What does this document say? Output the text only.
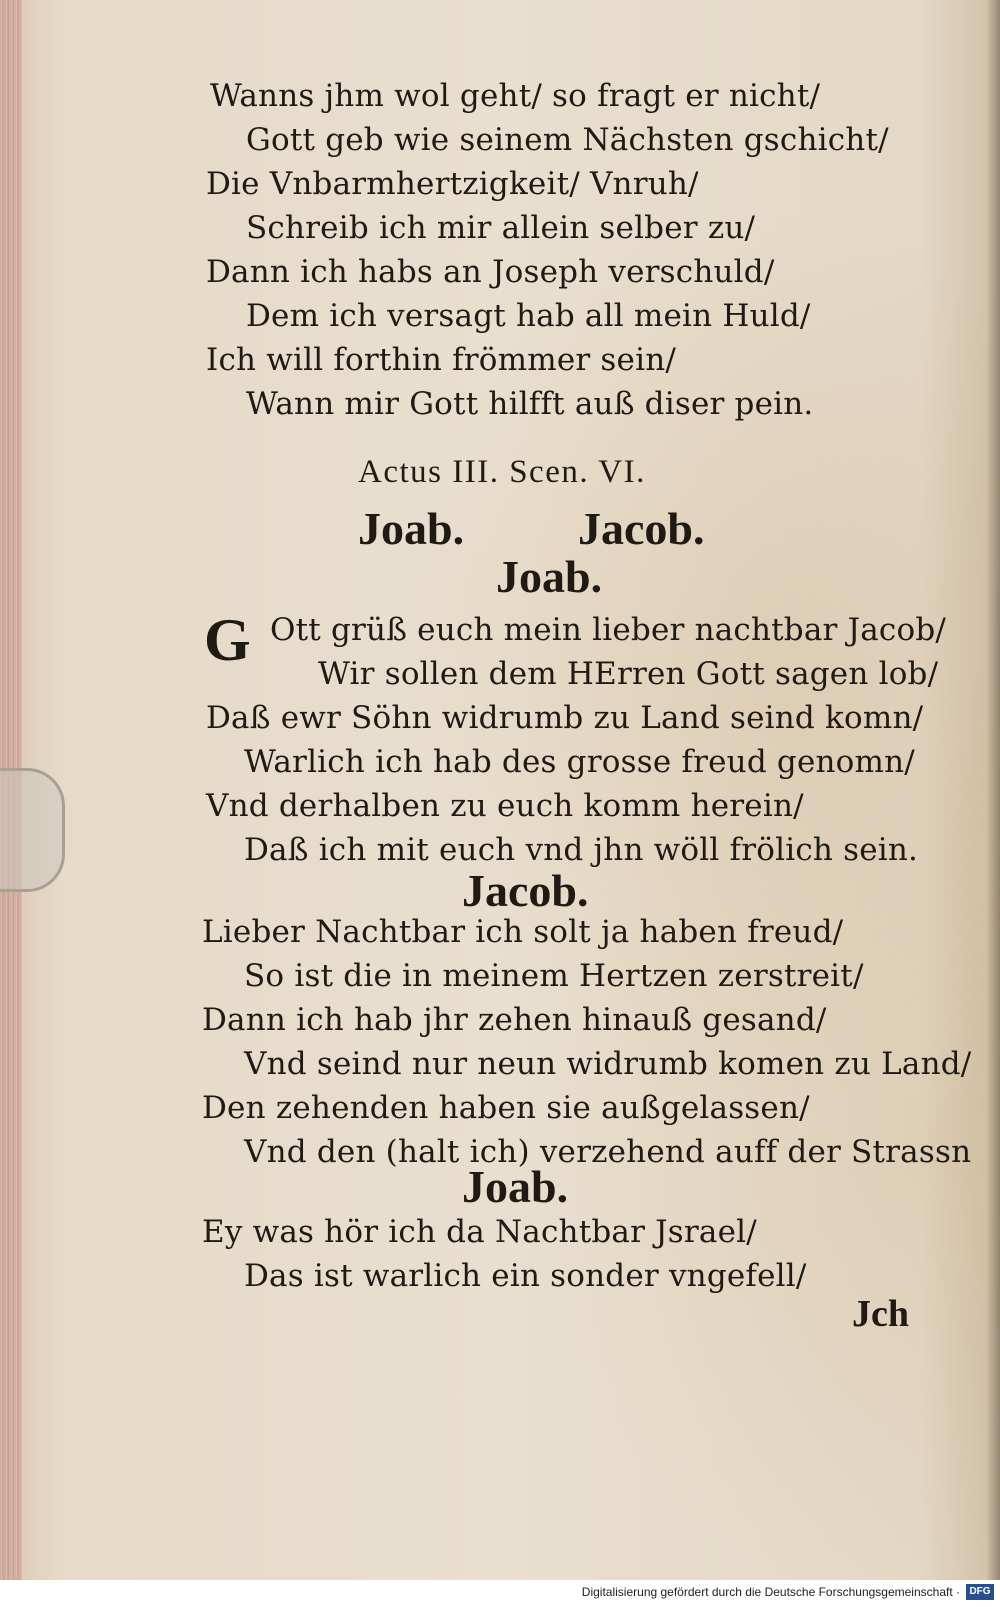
Wanns jhm wol geht/ so fragt er nicht/
Gott geb wie seinem Nächsten gschicht/
Die Vnbarmhertzigkeit/ Vnruh/
Schreib ich mir allein selber zu/
Dann ich habs an Joseph verschuld/
Dem ich versagt hab all mein Huld/
Ich will forthin frömmer sein/
Wann mir Gott hilfft auß diser pein.
Actus III. Scen. VI.
Joab. Jacob.
Joab.
G Ott grüß euch mein lieber nachtbar Jacob/
Wir sollen dem HErren Gott sagen lob/
Daß ewr Söhn widrumb zu Land seind komn/
Warlich ich hab des grosse freud genomn/
Vnd derhalben zu euch komm herein/
Daß ich mit euch vnd jhn wöll frölich sein.
Jacob.
Lieber Nachtbar ich solt ja haben freud/
So ist die in meinem Hertzen zerstreit/
Dann ich hab jhr zehen hinauß gesand/
Vnd seind nur neun widrumb komen zu Land/
Den zehenden haben sie außgelassen/
Vnd den (halt ich) verzehend auff der Strassn
Joab.
Ey was hör ich da Nachtbar Jsrael/
Das ist warlich ein sonder vngefell/
Jch
Digitalisierung gefördert durch die Deutsche Forschungsgemeinschaft · DFG
